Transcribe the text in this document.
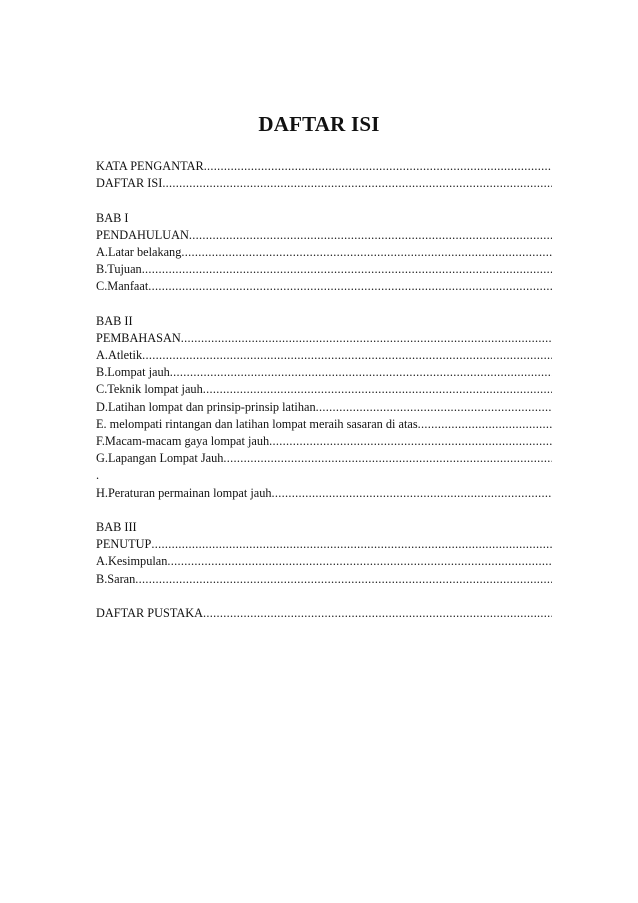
DAFTAR ISI
KATA PENGANTAR
.....
DAFTAR ISI
.....
BAB I
PENDAHULUAN
.....
A.Latar belakang
.....
B.Tujuan
.....
C.Manfaat
.....
BAB II
PEMBAHASAN
.....
A.Atletik
.....
B.Lompat jauh
.....
C.Teknik lompat jauh
.....
D.Latihan lompat dan prinsip-prinsip latihan
.....
E. melompati rintangan dan latihan lompat meraih sasaran di atas
.....
F.Macam-macam gaya lompat jauh
.....
G.Lapangan Lompat Jauh
.....
.
H.Peraturan permainan lompat jauh
.....
BAB III
PENUTUP
.....
A.Kesimpulan
.....
B.Saran
.....
DAFTAR PUSTAKA
.....
